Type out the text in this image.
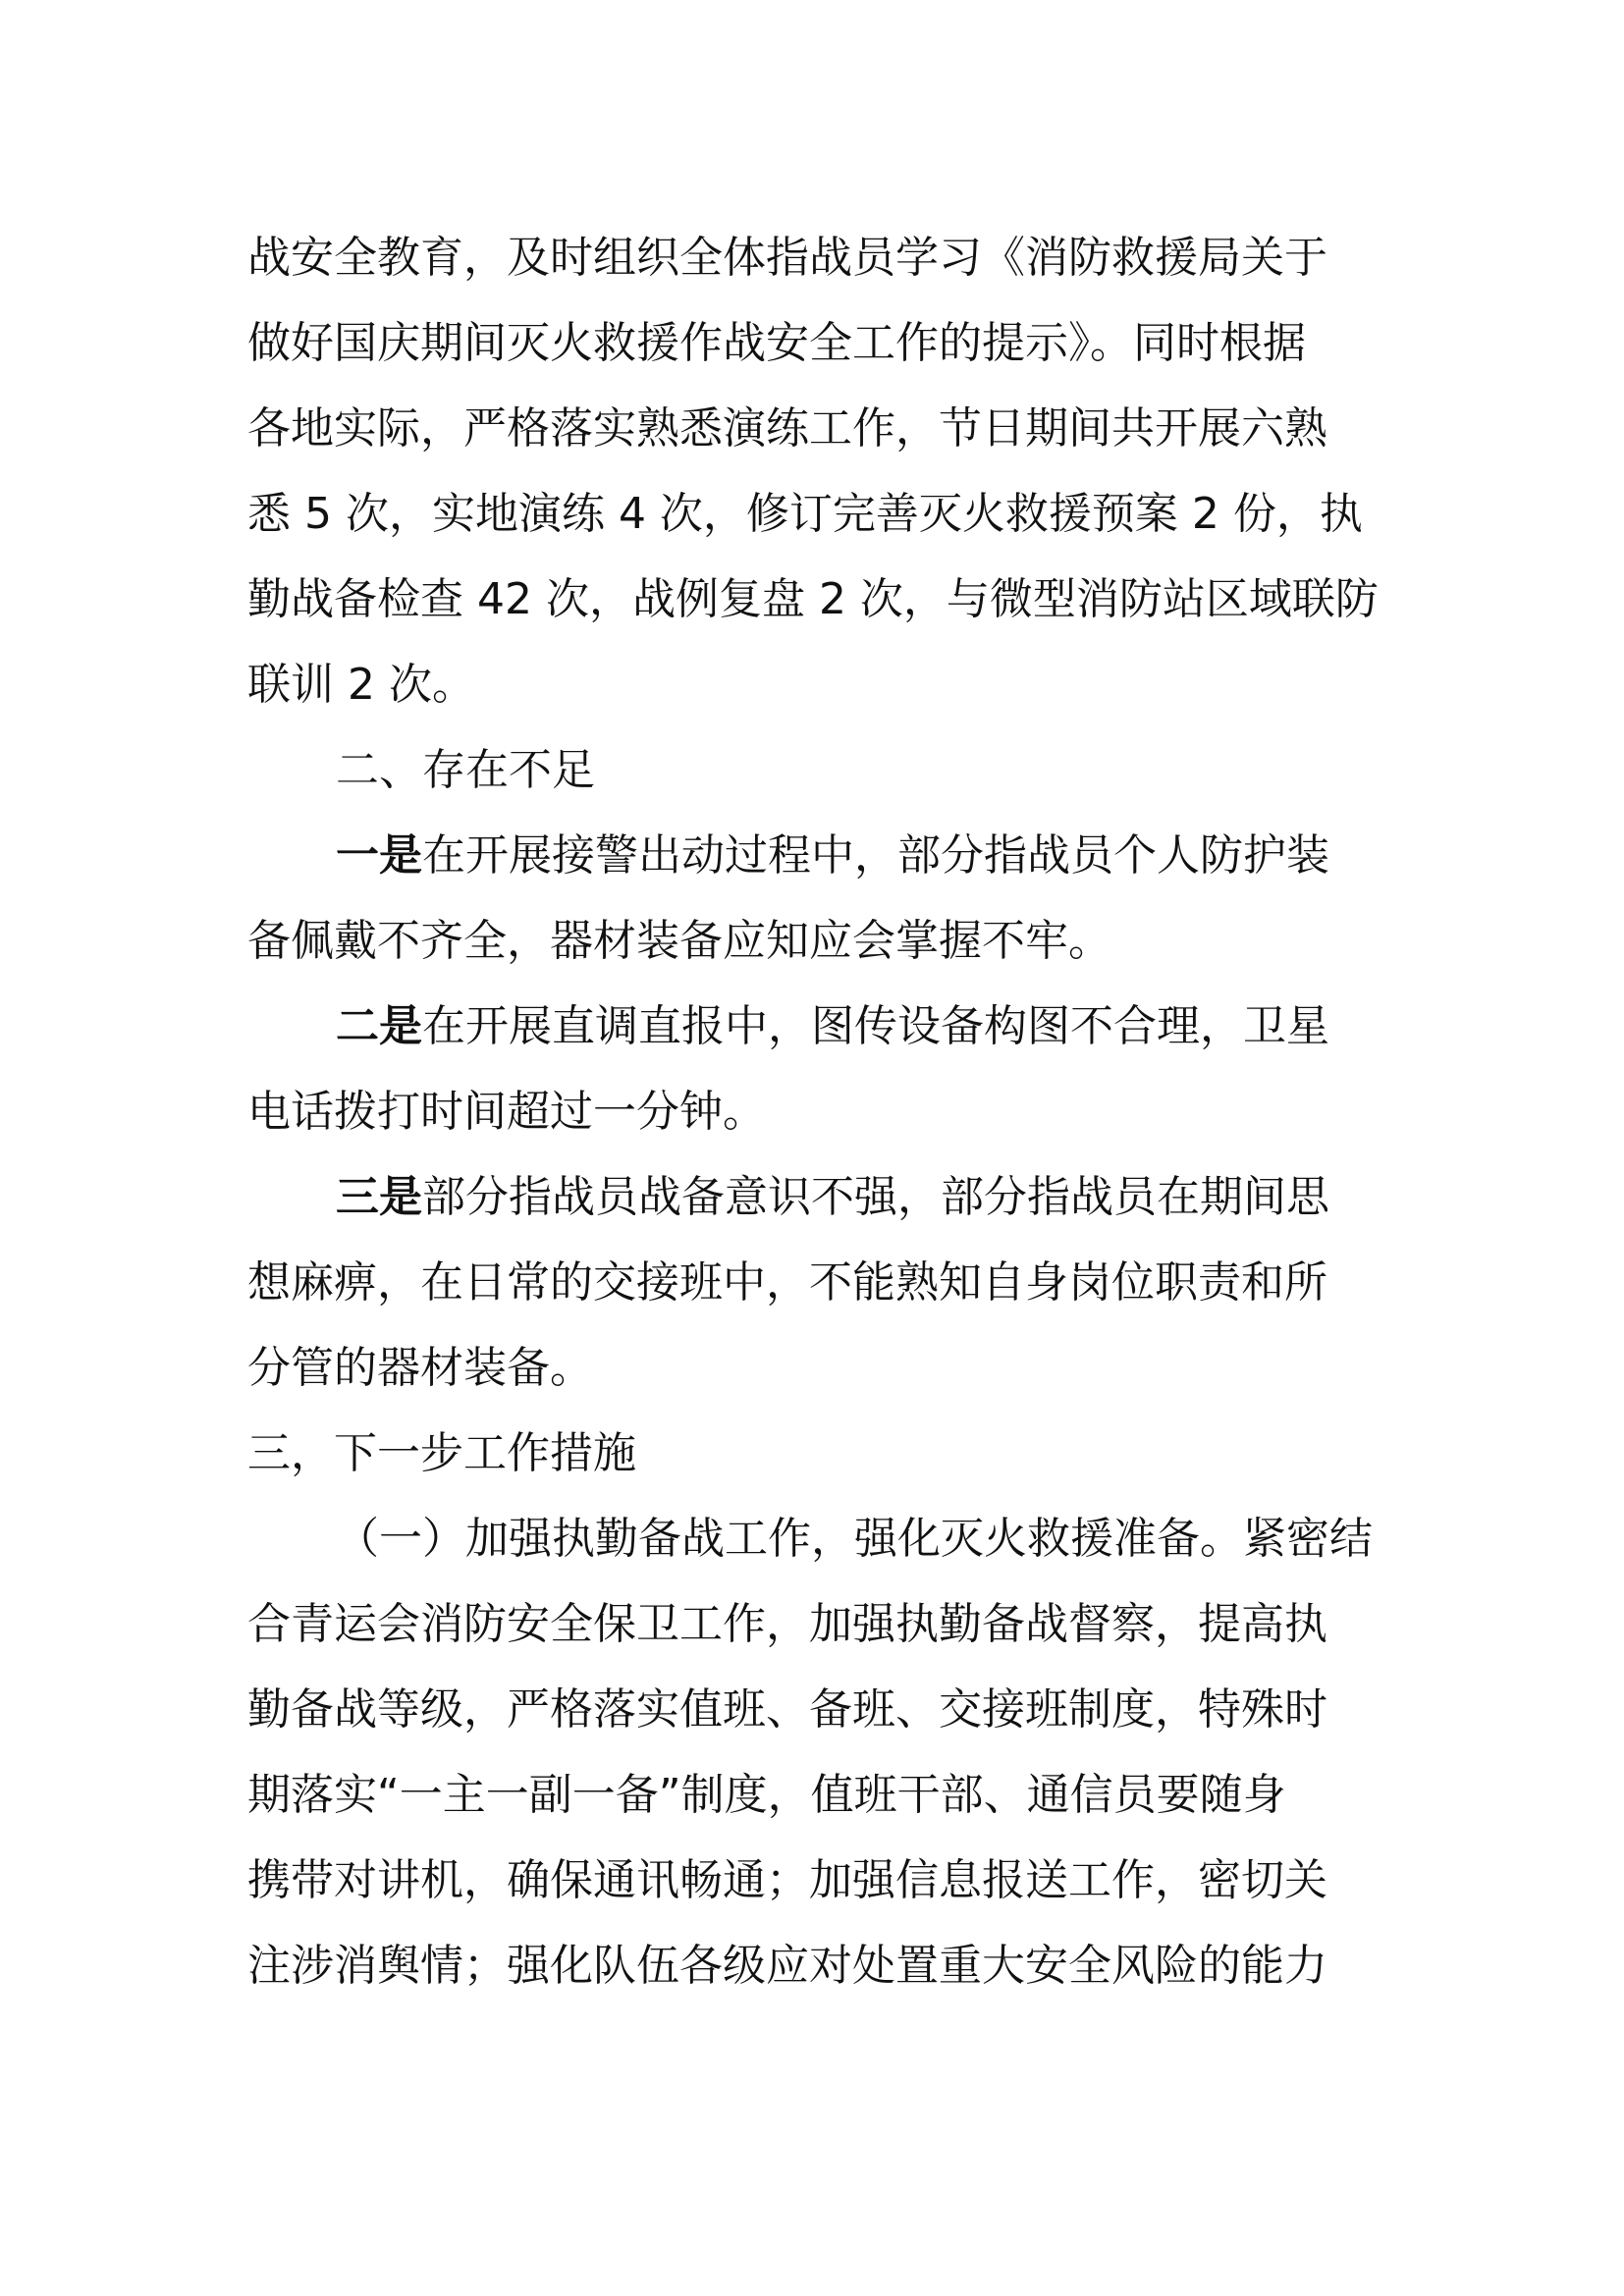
战安全教育，及时组织全体指战员学习《消防救援局关于
做好国庆期间灭火救援作战安全工作的提示》。同时根据
各地实际，严格落实熟悉演练工作，节日期间共开展六熟
悉 5 次，实地演练 4 次，修订完善灭火救援预案 2 份，执
勤战备检查 42 次，战例复盘 2 次，与微型消防站区域联防
联训 2 次。
二、存在不足
一是在开展接警出动过程中，部分指战员个人防护装
备佩戴不齐全，器材装备应知应会掌握不牢。
二是在开展直调直报中，图传设备构图不合理，卫星
电话拨打时间超过一分钟。
三是部分指战员战备意识不强，部分指战员在期间思
想麻痹，在日常的交接班中，不能熟知自身岗位职责和所
分管的器材装备。
三，下一步工作措施
（一）加强执勤备战工作，强化灭火救援准备。紧密结
合青运会消防安全保卫工作，加强执勤备战督察，提高执
勤备战等级，严格落实值班、备班、交接班制度，特殊时
期落实“一主一副一备”制度，值班干部、通信员要随身
携带对讲机，确保通讯畅通；加强信息报送工作，密切关
注涉消舆情；强化队伍各级应对处置重大安全风险的能力
